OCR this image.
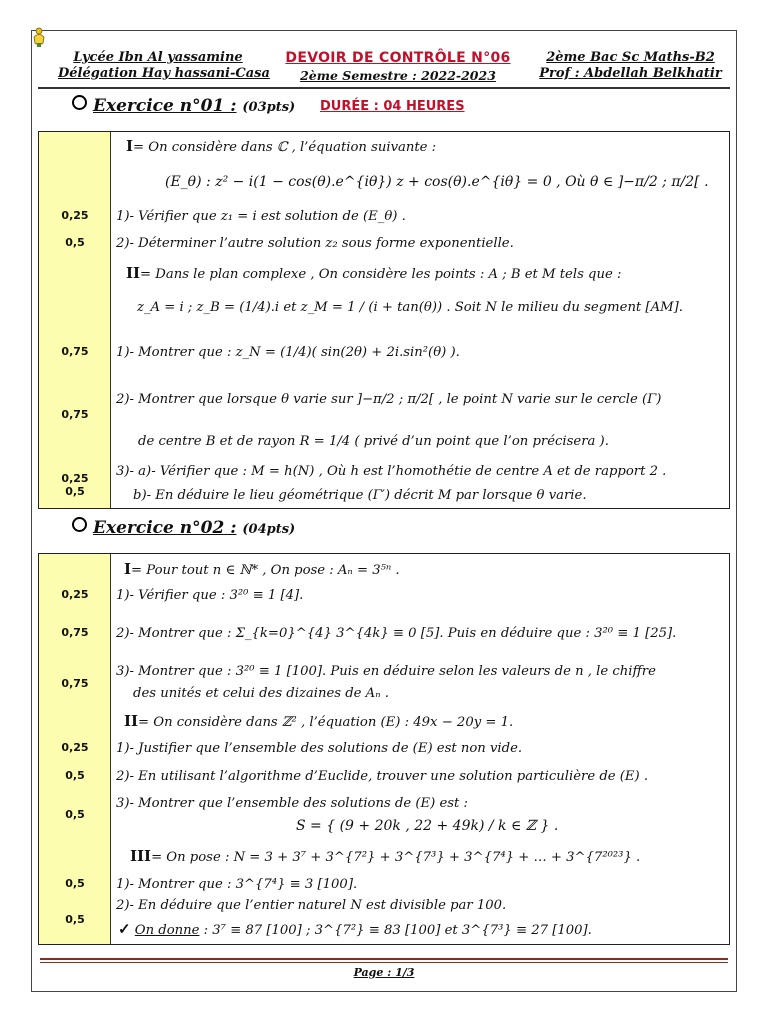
Lycée Ibn Al yassamine
Délégation Hay hassani-Casa
DEVOIR DE CONTRÔLE N°06
2ème Semestre : 2022-2023
2ème Bac Sc Maths-B2
Prof : Abdellah Belkhatir
Exercice n°01 : (03pts) DURÉE : 04 HEURES
0,25
0,5
0,75
0,75
0,25
0,5
I= On considère dans ℂ , l’équation suivante :
(E_θ) : z² − i(1 − cos(θ).e^{iθ}) z + cos(θ).e^{iθ} = 0 , Où θ ∈ ]−π/2 ; π/2[ .
1)- Vérifier que z₁ = i est solution de (E_θ) .
2)- Déterminer l’autre solution z₂ sous forme exponentielle.
II= Dans le plan complexe , On considère les points : A ; B et M tels que :
z_A = i ; z_B = (1/4).i et z_M = 1 / (i + tan(θ)) . Soit N le milieu du segment [AM].
1)- Montrer que : z_N = (1/4)( sin(2θ) + 2i.sin²(θ) ).
2)- Montrer que lorsque θ varie sur ]−π/2 ; π/2[ , le point N varie sur le cercle (Γ)
de centre B et de rayon R = 1/4 ( privé d’un point que l’on précisera ).
3)- a)- Vérifier que : M = h(N) , Où h est l’homothétie de centre A et de rapport 2 .
b)- En déduire le lieu géométrique (Γ′) décrit M par lorsque θ varie.
Exercice n°02 : (04pts)
0,25
0,75
0,75
0,25
0,5
0,5
0,5
0,5
I= Pour tout n ∈ ℕ* , On pose : Aₙ = 3⁵ⁿ .
1)- Vérifier que : 3²⁰ ≡ 1 [4].
2)- Montrer que : Σ_{k=0}^{4} 3^{4k} ≡ 0 [5]. Puis en déduire que : 3²⁰ ≡ 1 [25].
3)- Montrer que : 3²⁰ ≡ 1 [100]. Puis en déduire selon les valeurs de n , le chiffre
des unités et celui des dizaines de Aₙ .
II= On considère dans ℤ² , l’équation (E) : 49x − 20y = 1.
1)- Justifier que l’ensemble des solutions de (E) est non vide.
2)- En utilisant l’algorithme d’Euclide, trouver une solution particulière de (E) .
3)- Montrer que l’ensemble des solutions de (E) est :
S = { (9 + 20k , 22 + 49k) / k ∈ ℤ } .
III= On pose : N = 3 + 3⁷ + 3^{7²} + 3^{7³} + 3^{7⁴} + … + 3^{7²⁰²³} .
1)- Montrer que : 3^{7⁴} ≡ 3 [100].
2)- En déduire que l’entier naturel N est divisible par 100.
✓ On donne : 3⁷ ≡ 87 [100] ; 3^{7²} ≡ 83 [100] et 3^{7³} ≡ 27 [100].
Page : 1/3
